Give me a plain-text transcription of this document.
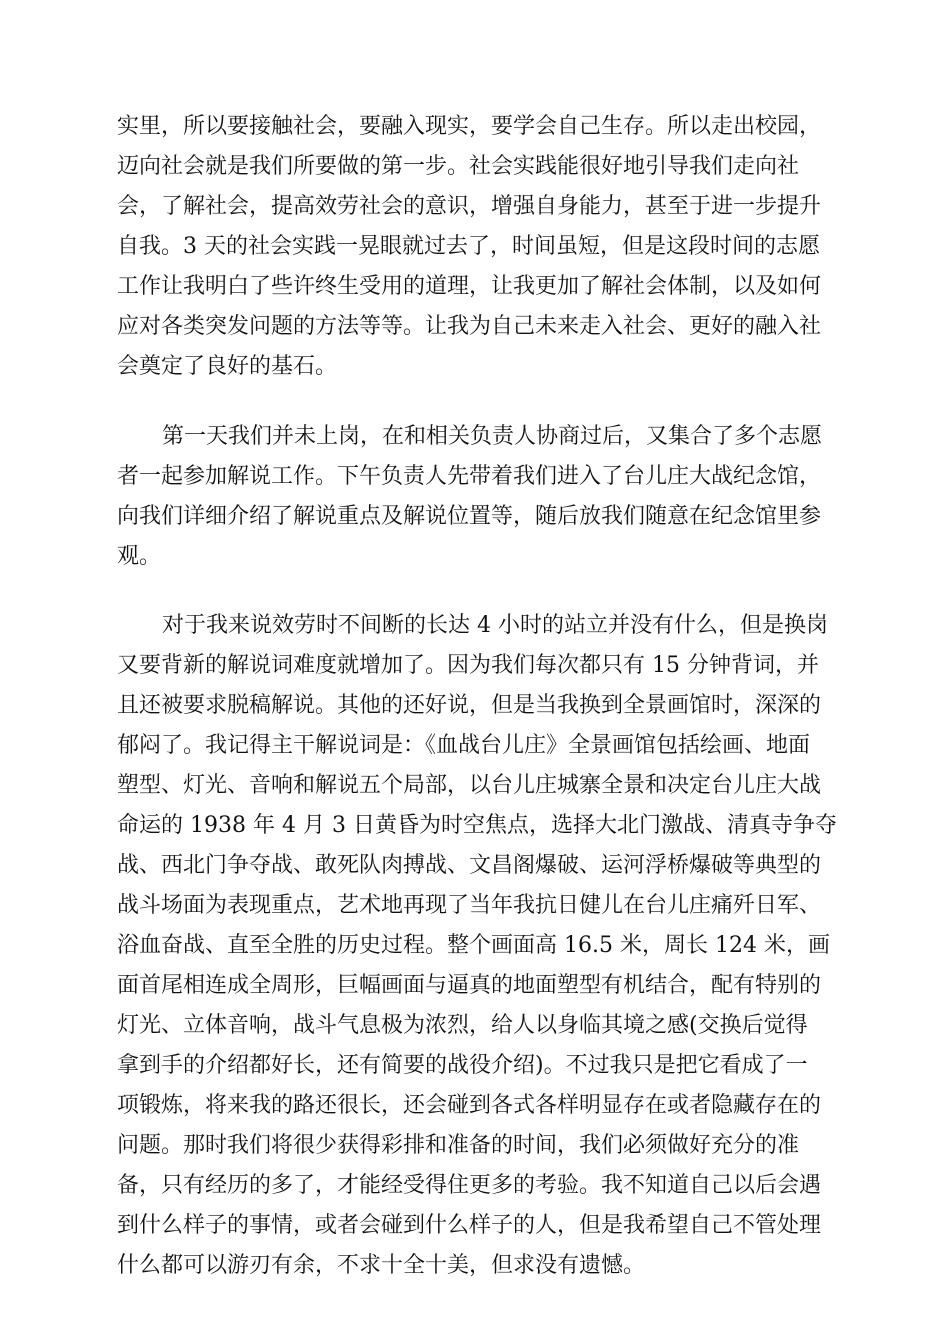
实里，所以要接触社会，要融入现实，要学会自己生存。所以走出校园，
迈向社会就是我们所要做的第一步。社会实践能很好地引导我们走向社
会，了解社会，提高效劳社会的意识，增强自身能力，甚至于进一步提升
自我。3 天的社会实践一晃眼就过去了，时间虽短，但是这段时间的志愿
工作让我明白了些许终生受用的道理，让我更加了解社会体制，以及如何
应对各类突发问题的方法等等。让我为自己未来走入社会、更好的融入社
会奠定了良好的基石。
第一天我们并未上岗，在和相关负责人协商过后，又集合了多个志愿
者一起参加解说工作。下午负责人先带着我们进入了台儿庄大战纪念馆，
向我们详细介绍了解说重点及解说位置等，随后放我们随意在纪念馆里参
观。
对于我来说效劳时不间断的长达 4 小时的站立并没有什么，但是换岗
又要背新的解说词难度就增加了。因为我们每次都只有 15 分钟背词，并
且还被要求脱稿解说。其他的还好说，但是当我换到全景画馆时，深深的
郁闷了。我记得主干解说词是：《血战台儿庄》全景画馆包括绘画、地面
塑型、灯光、音响和解说五个局部，以台儿庄城寨全景和决定台儿庄大战
命运的 1938 年 4 月 3 日黄昏为时空焦点，选择大北门激战、清真寺争夺
战、西北门争夺战、敢死队肉搏战、文昌阁爆破、运河浮桥爆破等典型的
战斗场面为表现重点，艺术地再现了当年我抗日健儿在台儿庄痛歼日军、
浴血奋战、直至全胜的历史过程。整个画面高 16.5 米，周长 124 米，画
面首尾相连成全周形，巨幅画面与逼真的地面塑型有机结合，配有特别的
灯光、立体音响，战斗气息极为浓烈，给人以身临其境之感(交换后觉得
拿到手的介绍都好长，还有简要的战役介绍)。不过我只是把它看成了一
项锻炼，将来我的路还很长，还会碰到各式各样明显存在或者隐藏存在的
问题。那时我们将很少获得彩排和准备的时间，我们必须做好充分的准
备，只有经历的多了，才能经受得住更多的考验。我不知道自己以后会遇
到什么样子的事情，或者会碰到什么样子的人，但是我希望自己不管处理
什么都可以游刃有余，不求十全十美，但求没有遗憾。
